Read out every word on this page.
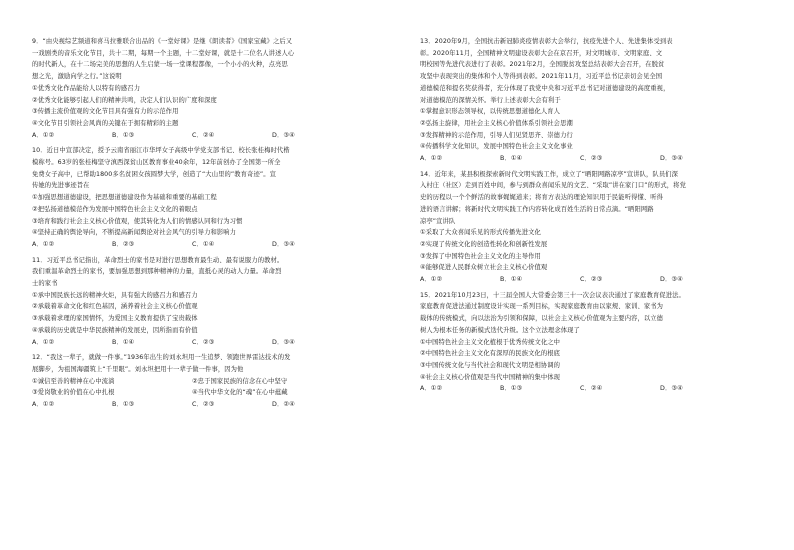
9．“由央视综艺频道和喜马拉雅联合出品的《一堂好课》是继《朗读者》《国家宝藏》之后又
一戏剧类的音乐文化节目，共十二期，每期一个主题，十二堂好课，就是十二位名人讲述人心
的时代新人，在十二场完美的思想的人生启蒙一场一堂课程都像，一个小小的火种，点亮思
想之光，激励向学之行。”这说明
①优秀文化作品能给人以特有的感召力
②优秀文化能够引起人们的精神共鸣，决定人们认识的广度和深度
③传播主流价值观的文化节目具有强有力的示范作用
④文化节目引领社会风尚的关键在于拥有精彩的主题
A．①②	B．①③	C．②④	D．③④
10．近日中宣部决定，授予云南省丽江市华坪女子高级中学党支部书记、校长张桂梅时代楷
模称号。63岁的张桂梅坚守滇西深贫山区教育事业40余年，12年前创办了全国第一所全
免费女子高中，已帮助1800多名贫困女孩圆梦大学，创造了“大山里的”教育奇迹”。宣
传她的先进事迹旨在
①加强思想道德建设，把思想道德建设作为基础和重要的基础工程
②把弘扬道德模范作为发展中国特色社会主义文化的着眼点
③培育和践行社会主义核心价值观，使其转化为人们的情感认同和行为习惯
④坚持正确的舆论导向，不断提高新闻舆论对社会风气的引导力和影响力
A．①②	B．②③	C．①④	D．③④
11．习近平总书记指出，革命烈士的家书是对进行思想教育最生动、最有说服力的教材。
我们重温革命烈士的家书，要加强思想到那种精神的力量，直抵心灵的动人力量。革命烈
士的家书
①承中国民族长远的精神火炬，具有强大的感召力和感召力
②承载着革命文化和红色基因，涵养着社会主义核心价值观
③承载着求理的家国情怀，为爱国主义教育提供了宝贵载体
④承载的历史就是中华民族精神的发展史，因所指而有价值
A．①②	B．①④	C．②③	D．③④
12．“我这一辈子，就做一件事。”1936年出生的刘永坦用一生追梦、领跑世界雷达技术的发
展脚步，为祖国海疆筑上“千里眼”。刘永坦把用十一辈子做一件事，因为他
①诚信至善的精神在心中流淌	②忠于国家民族的信念在心中坚守
③爱岗敬业的价值在心中扎根	④当代中华文化的“魂”在心中蕴藏
A．①②	B．①③	C．②③	D．②④
13．2020年9月，全国抗击新冠肺炎疫情表彰大会举行，抗疫先进个人、先进集体受到表
彰。2020年11月，全国精神文明建设表彰大会在京召开，对文明城市、文明家庭、文
明校园等先进代表进行了表彰。2021年2月，全国脱贫攻坚总结表彰大会召开，在脱贫
攻坚中表现突出的集体和个人等得到表彰。2021年11月，习近平总书记亲切会见全国
道德模范和提名奖获得者，充分体现了我党中央和习近平总书记对道德建设的高度重视，
对道德模范的深情关怀。举行上述表彰大会有利于
①掌握意识形态领导权，以传统思想道德化人育人
②弘扬主旋律，用社会主义核心价值体系引领社会思潮
③发挥精神的示范作用，引导人们见贤思齐、崇德力行
④传播科学文化知识，发展中国特色社会主义文化事业
A．①②	B．①④	C．②③	D．③④
14．近年来，某县积极探索新时代文明实践工作，成立了“晒阳网路凉亭”宣讲队，队员们深
入村庄（社区）走到百姓中间，参与到群众喜闻乐见的文艺、“采取”讲在家门口”的形式，将党
史的历程以一个个鲜活的故事娓娓道来；将育方表达的理论知识用于民能听得懂、听得
进的语言讲解；将新时代文明实践工作内容转化成百姓生活的日常点滴。“晒阳网路
凉亭”宣讲队
①采取了大众喜闻乐见的形式传播先进文化
②实现了传统文化的创造性转化和创新性发展
③发挥了中国特色社会主义文化的主导作用
④能够促进人民群众树立社会主义核心价值观
A．①②	B．①④	C．②③	D．③④
15．2021年10月23日，十三届全国人大常委会第三十一次会议表决通过了家庭教育促进法。
家庭教育促进法通过制度设计实现一系列目标，实现家庭教育由以家规、家训、家书为
载体的传统模式，向以法治为引领和保障，以社会主义核心价值观为主要内容，以立德
树人为根本任务的新模式迭代升级。这个立法理念体现了
①中国特色社会主义文化植根于优秀传统文化之中
②中国特色社会主义文化有深厚的民族文化的根底
③中国传统文化与当代社会和现代文明是相协调的
④社会主义核心价值观是当代中国精神的集中体现
A．①②	B．①③	C．②④	D．③④
